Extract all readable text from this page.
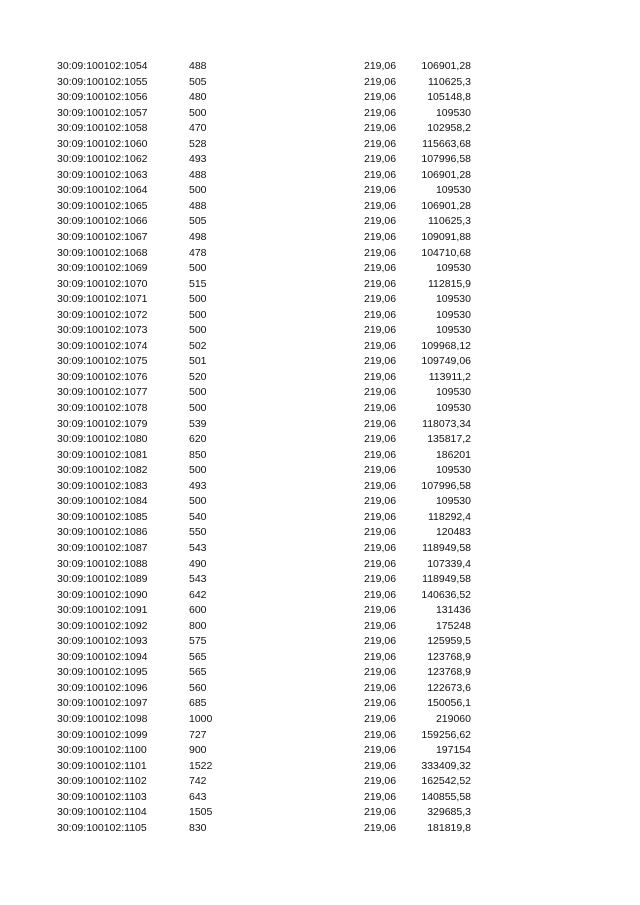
30:09:100102:1054	488	219,06	106901,28
30:09:100102:1055	505	219,06	110625,3
30:09:100102:1056	480	219,06	105148,8
30:09:100102:1057	500	219,06	109530
30:09:100102:1058	470	219,06	102958,2
30:09:100102:1060	528	219,06	115663,68
30:09:100102:1062	493	219,06	107996,58
30:09:100102:1063	488	219,06	106901,28
30:09:100102:1064	500	219,06	109530
30:09:100102:1065	488	219,06	106901,28
30:09:100102:1066	505	219,06	110625,3
30:09:100102:1067	498	219,06	109091,88
30:09:100102:1068	478	219,06	104710,68
30:09:100102:1069	500	219,06	109530
30:09:100102:1070	515	219,06	112815,9
30:09:100102:1071	500	219,06	109530
30:09:100102:1072	500	219,06	109530
30:09:100102:1073	500	219,06	109530
30:09:100102:1074	502	219,06	109968,12
30:09:100102:1075	501	219,06	109749,06
30:09:100102:1076	520	219,06	113911,2
30:09:100102:1077	500	219,06	109530
30:09:100102:1078	500	219,06	109530
30:09:100102:1079	539	219,06	118073,34
30:09:100102:1080	620	219,06	135817,2
30:09:100102:1081	850	219,06	186201
30:09:100102:1082	500	219,06	109530
30:09:100102:1083	493	219,06	107996,58
30:09:100102:1084	500	219,06	109530
30:09:100102:1085	540	219,06	118292,4
30:09:100102:1086	550	219,06	120483
30:09:100102:1087	543	219,06	118949,58
30:09:100102:1088	490	219,06	107339,4
30:09:100102:1089	543	219,06	118949,58
30:09:100102:1090	642	219,06	140636,52
30:09:100102:1091	600	219,06	131436
30:09:100102:1092	800	219,06	175248
30:09:100102:1093	575	219,06	125959,5
30:09:100102:1094	565	219,06	123768,9
30:09:100102:1095	565	219,06	123768,9
30:09:100102:1096	560	219,06	122673,6
30:09:100102:1097	685	219,06	150056,1
30:09:100102:1098	1000	219,06	219060
30:09:100102:1099	727	219,06	159256,62
30:09:100102:1100	900	219,06	197154
30:09:100102:1101	1522	219,06	333409,32
30:09:100102:1102	742	219,06	162542,52
30:09:100102:1103	643	219,06	140855,58
30:09:100102:1104	1505	219,06	329685,3
30:09:100102:1105	830	219,06	181819,8
